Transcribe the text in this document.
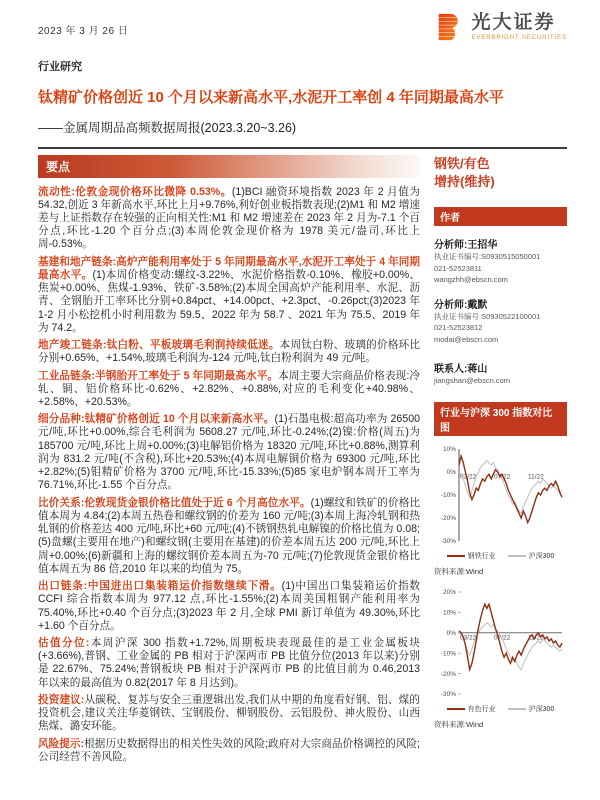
2023 年 3 月 26 日	光大证券
EVERBRIGHT SECURITIES
行业研究
钛精矿价格创近 10 个月以来新高水平,水泥开工率创 4 年同期最高水平
——金属周期品高频数据周报(2023.3.20~3.26)
要点

流动性:伦敦金现价格环比微降 0.53%。(1)BCI 融资环境指数 2023 年 2 月值为 54.32,创近 3 年新高水平,环比上月+9.76%,利好创业板指数表现;(2)M1 和 M2 增速差与上证指数存在较强的正向相关性:M1 和 M2 增速差在 2023 年 2 月为-7.1 个百分点,环比-1.20 个百分点;(3)本周伦敦金现价格为 1978 美元/盎司,环比上周-0.53%。

基建和地产链条:高炉产能利用率处于 5 年同期最高水平,水泥开工率处于 4 年同期最高水平。(1)本周价格变动:螺纹-3.22%、水泥价格指数-0.10%、橡胶+0.00%、焦炭+0.00%、焦煤-1.93%、铁矿-3.58%;(2)本周全国高炉产能利用率、水泥、沥青、全钢胎开工率环比分别+0.84pct、+14.00pct、+2.3pct、-0.26pct;(3)2023 年 1-2 月小松挖机小时利用数为 59.5、2022 年为 58.7 、2021 年为 75.5、2019 年为 74.2。

地产竣工链条:钛白粉、平板玻璃毛利润持续低迷。本周钛白粉、玻璃的价格环比分别+0.65%、+1.54%,玻璃毛利润为-124 元/吨,钛白粉利润为 49 元/吨。

工业品链条:半钢胎开工率处于 5 年同期最高水平。本周主要大宗商品价格表现:冷轧、铜、铝价格环比-0.62%、+2.82%、+0.88%,对应的毛利变化+40.98%、+2.58%、+20.53%。

细分品种:钛精矿价格创近 10 个月以来新高水平。(1)石墨电极:超高功率为 26500 元/吨,环比+0.00%,综合毛利润为 5608.27 元/吨,环比-0.24%;(2)镍:价格(周五)为 185700 元/吨,环比上周+0.00%;(3)电解铝价格为 18320 元/吨,环比+0.88%,测算利润为 831.2 元/吨(不含税),环比+20.53%;(4)本周电解铜价格为 69300 元/吨,环比+2.82%;(5)钼精矿价格为 3700 元/吨,环比-15.33%;(5)85 家电炉钢本周开工率为 76.71%,环比-1.55 个百分点。

比价关系:伦敦现货金银价格比值处于近 6 个月高位水平。(1)螺纹和铁矿的价格比值本周为 4.84;(2)本周五热卷和螺纹钢的价差为 160 元/吨;(3)本周上海冷轧钢和热轧钢的价格差达 400 元/吨,环比+60 元/吨;(4)不锈钢热轧电解镍的价格比值为 0.08;(5)盘螺(主要用在地产)和螺纹钢(主要用在基建)的价差本周五达 200 元/吨,环比上周+0.00%;(6)新疆和上海的螺纹钢价差本周五为-70 元/吨;(7)伦敦现货金银价格比值本周五为 86 倍,2010 年以来的均值为 75。

出口链条:中国进出口集装箱运价指数继续下滑。(1)中国出口集装箱运价指数 CCFI 综合指数本周为 977.12 点,环比-1.55%;(2)本周美国粗钢产能利用率为 75.40%,环比+0.40 个百分点;(3)2023 年 2 月,全球 PMI 新订单值为 49.30%,环比+1.60 个百分点。

估值分位:本周沪深 300 指数+1.72%,周期板块表现最佳的是工业金属板块(+3.66%),普钢、工业金属的 PB 相对于沪深两市 PB 比值分位(2013 年以来)分别是 22.67%、75.24%;普钢板块 PB 相对于沪深两市 PB 的比值目前为 0.46,2013 年以来的最高值为 0.82(2017 年 8 月达到)。

投资建议:从碳税、复苏与安全三重逻辑出发,我们从中期的角度看好钢、铝、煤的投资机会,建议关注华菱钢铁、宝钢股份、柳钢股份、云铝股份、神火股份、山西焦煤、潞安环能。

风险提示:根据历史数据得出的相关性失效的风险;政府对大宗商品价格调控的风险;公司经营不善风险。

钢铁/有色
增持(维持)
作者
分析师:王招华
执业证书编号:S0930515050001
021-52523811
wangzhh@ebscn.com
分析师:戴默
执业证书编号:S0930522100001
021-52523812
modai@ebscn.com
联系人:蒋山
jiangshan@ebscn.com
行业与沪深 300 指数对比图
10%
0%
-10%
-20%
-30%
03/22	07/22	11/22
钢铁行业	沪深300
资料来源:Wind
20%
10%
0%
-10%
-20%
-30%
03/22	07/22	11/22
有色行业	沪深300
资料来源:Wind
